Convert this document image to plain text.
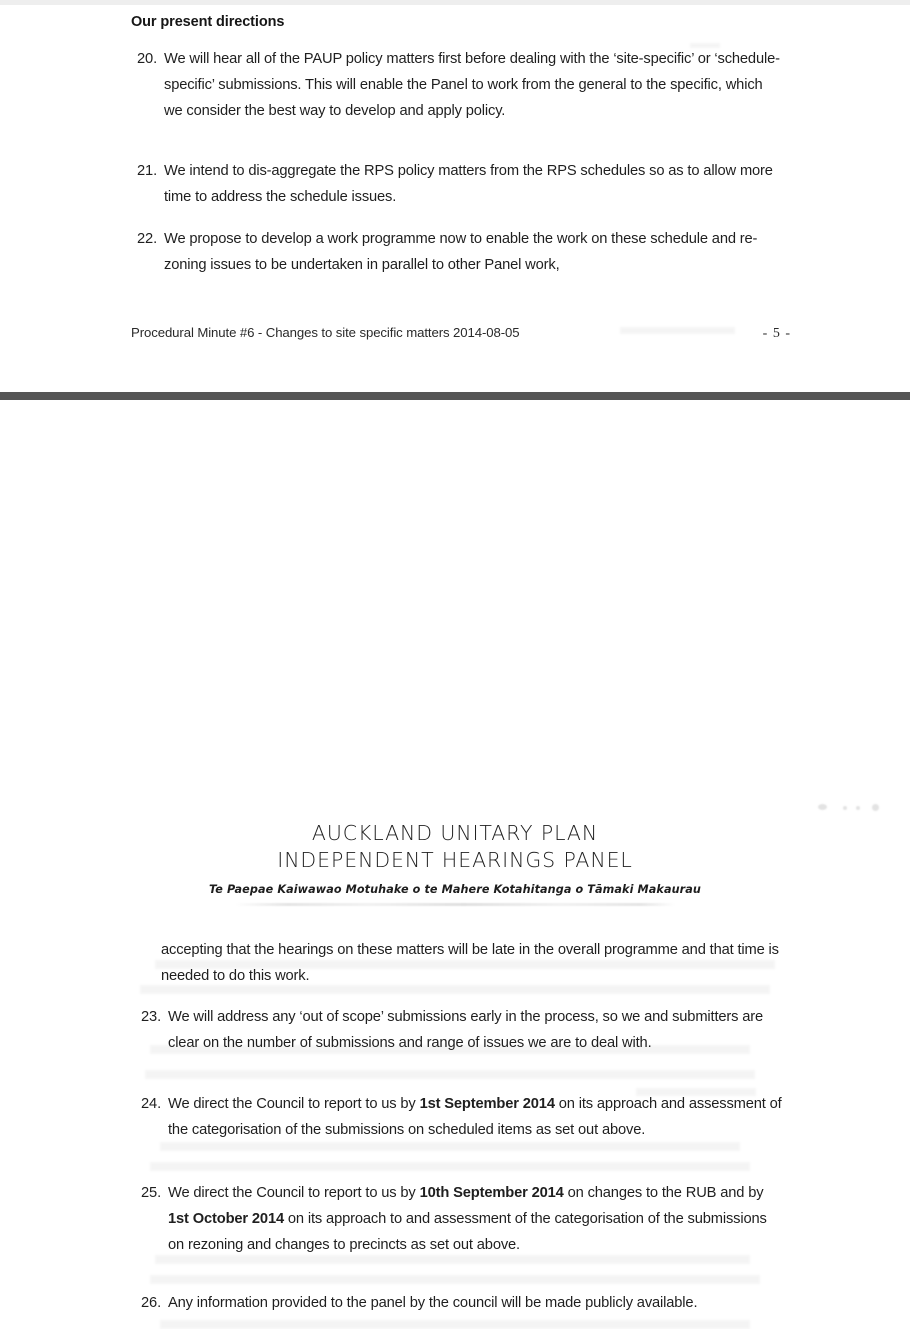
Our present directions
20. We will hear all of the PAUP policy matters first before dealing with the ‘site-specific’ or ‘schedule-specific’ submissions. This will enable the Panel to work from the general to the specific, which we consider the best way to develop and apply policy.
21. We intend to dis-aggregate the RPS policy matters from the RPS schedules so as to allow more time to address the schedule issues.
22. We propose to develop a work programme now to enable the work on these schedule and re-zoning issues to be undertaken in parallel to other Panel work,
Procedural Minute #6 - Changes to site specific matters 2014-08-05	- 5 -
AUCKLAND UNITARY PLAN
INDEPENDENT HEARINGS PANEL
Te Paepae Kaiwawao Motuhake o te Mahere Kotahitanga o Tāmaki Makaurau
accepting that the hearings on these matters will be late in the overall programme and that time is needed to do this work.
23. We will address any ‘out of scope’ submissions early in the process, so we and submitters are clear on the number of submissions and range of issues we are to deal with.
24. We direct the Council to report to us by 1st September 2014 on its approach and assessment of the categorisation of the submissions on scheduled items as set out above.
25. We direct the Council to report to us by 10th September 2014 on changes to the RUB and by 1st October 2014 on its approach to and assessment of the categorisation of the submissions on rezoning and changes to precincts as set out above.
26. Any information provided to the panel by the council will be made publicly available.
